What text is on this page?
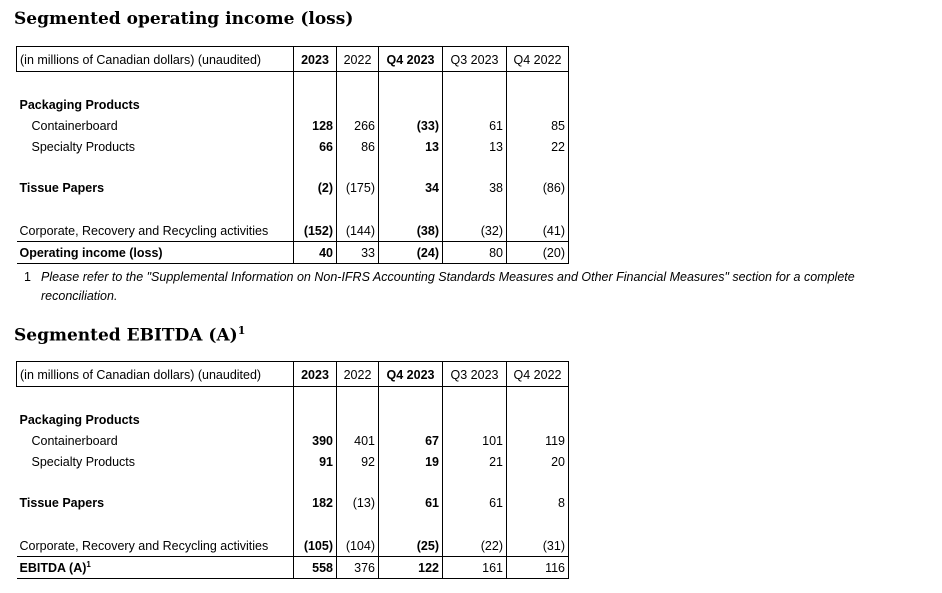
Segmented operating income (loss)
(in millions of Canadian dollars) (unaudited)	2023	2022	Q4 2023	Q3 2023	Q4 2022

Packaging Products					
Containerboard	128	266	(33)	61	85
Specialty Products	66	86	13	13	22

Tissue Papers	(2)	(175)	34	38	(86)

Corporate, Recovery and Recycling activities	(152)	(144)	(38)	(32)	(41)
Operating income (loss)	40	33	(24)	80	(20)
1 Please refer to the "Supplemental Information on Non-IFRS Accounting Standards Measures and Other Financial Measures" section for a complete reconciliation.
Segmented EBITDA $(A)^1$
(in millions of Canadian dollars) (unaudited)	2023	2022	Q4 2023	Q3 2023	Q4 2022

Packaging Products					
Containerboard	390	401	67	101	119
Specialty Products	91	92	19	21	20

Tissue Papers	182	(13)	61	61	8

Corporate, Recovery and Recycling activities	(105)	(104)	(25)	(22)	(31)
EBITDA (A)$^1$	558	376	122	161	116
